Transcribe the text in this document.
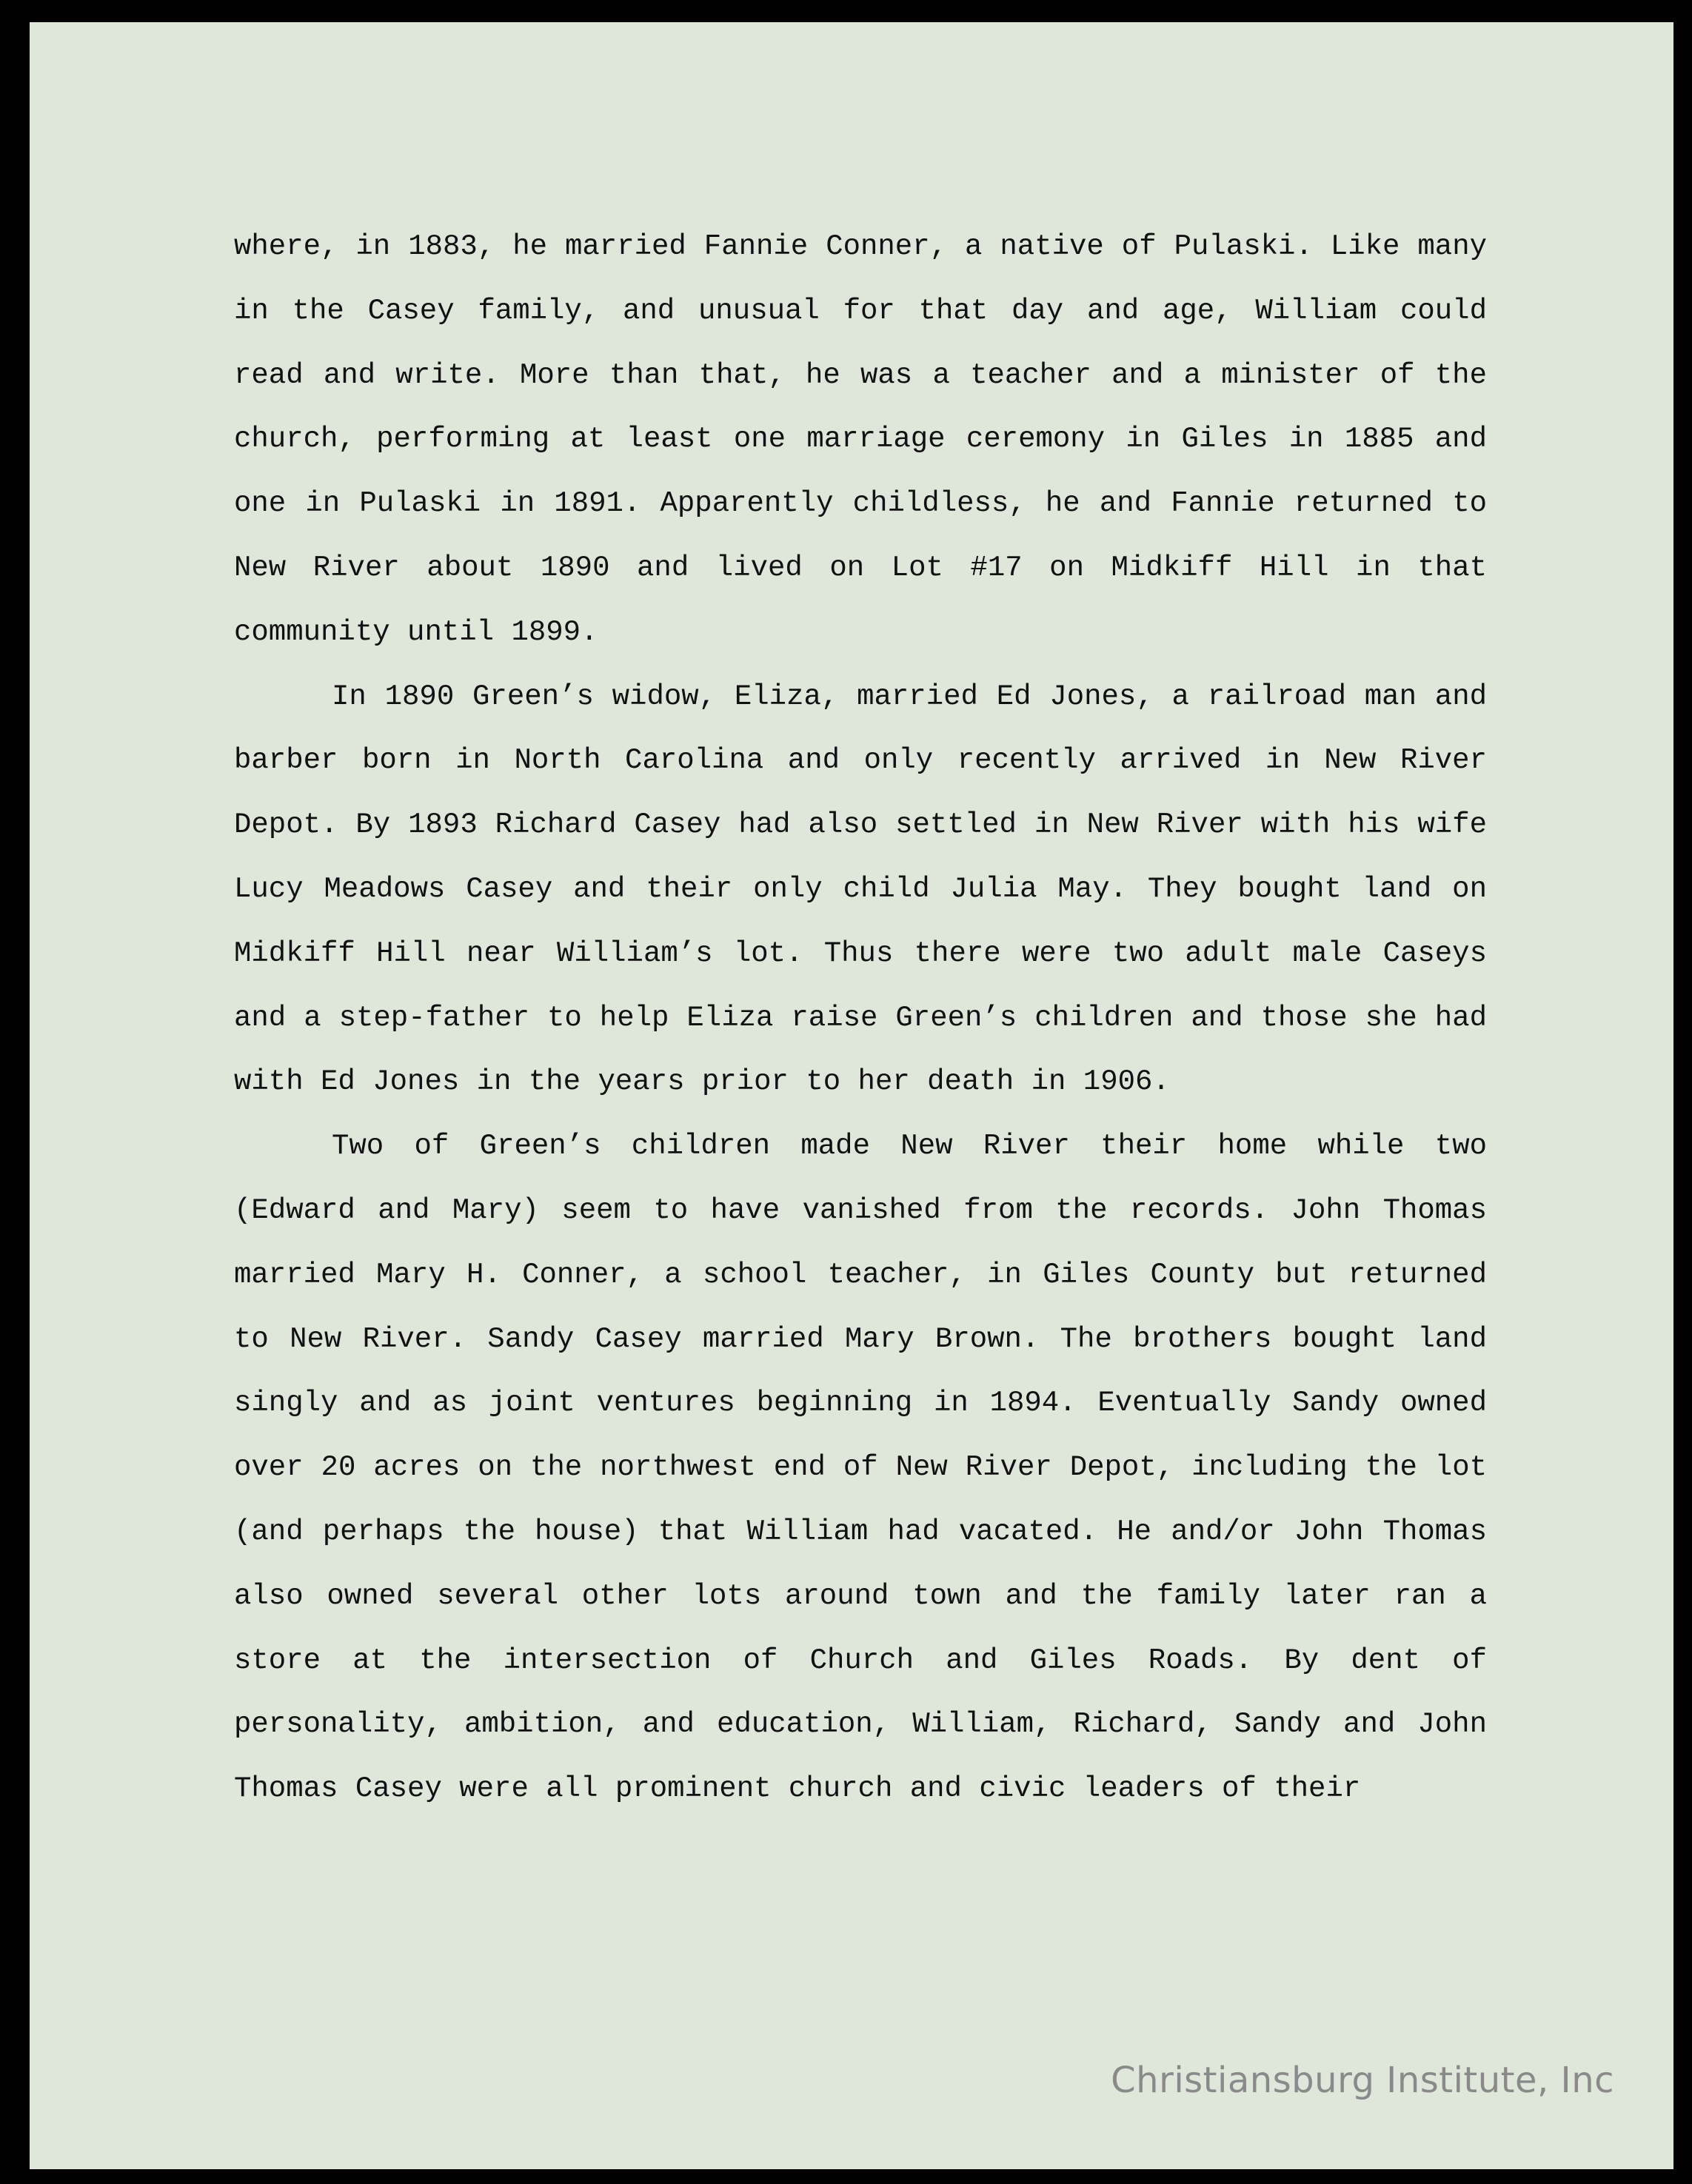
where, in 1883, he married Fannie Conner, a native of Pulaski. Like many in the Casey family, and unusual for that day and age, William could read and write. More than that, he was a teacher and a minister of the church, performing at least one marriage ceremony in Giles in 1885 and one in Pulaski in 1891. Apparently childless, he and Fannie returned to New River about 1890 and lived on Lot #17 on Midkiff Hill in that community until 1899.

In 1890 Green’s widow, Eliza, married Ed Jones, a railroad man and barber born in North Carolina and only recently arrived in New River Depot. By 1893 Richard Casey had also settled in New River with his wife Lucy Meadows Casey and their only child Julia May. They bought land on Midkiff Hill near William’s lot. Thus there were two adult male Caseys and a step-father to help Eliza raise Green’s children and those she had with Ed Jones in the years prior to her death in 1906.

Two of Green’s children made New River their home while two (Edward and Mary) seem to have vanished from the records. John Thomas married Mary H. Conner, a school teacher, in Giles County but returned to New River. Sandy Casey married Mary Brown. The brothers bought land singly and as joint ventures beginning in 1894. Eventually Sandy owned over 20 acres on the northwest end of New River Depot, including the lot (and perhaps the house) that William had vacated. He and/or John Thomas also owned several other lots around town and the family later ran a store at the intersection of Church and Giles Roads. By dent of personality, ambition, and education, William, Richard, Sandy and John Thomas Casey were all prominent church and civic leaders of their

Christiansburg Institute, Inc
